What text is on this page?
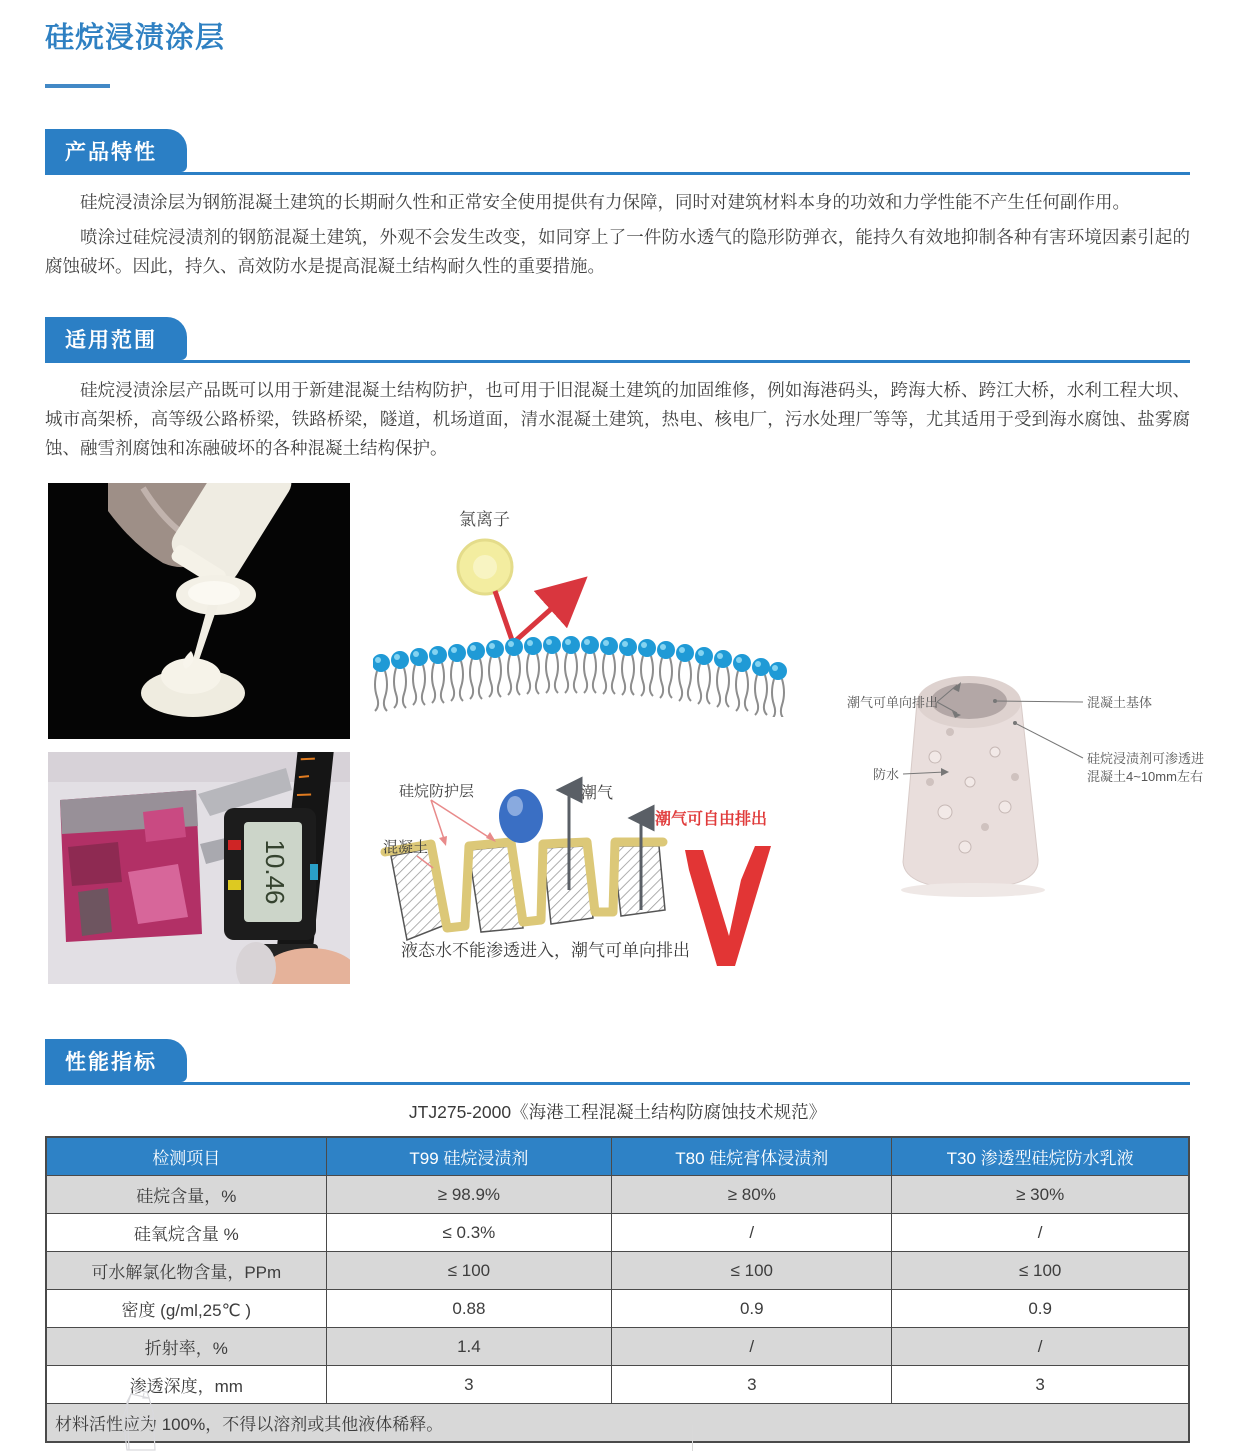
硅烷浸渍涂层
产品特性

硅烷浸渍涂层为钢筋混凝土建筑的长期耐久性和正常安全使用提供有力保障，同时对建筑材料本身的功效和力学性能不产生任何副作用。

喷涂过硅烷浸渍剂的钢筋混凝土建筑，外观不会发生改变，如同穿上了一件防水透气的隐形防弹衣，能持久有效地抑制各种有害环境因素引起的腐蚀破坏。因此，持久、高效防水是提高混凝土结构耐久性的重要措施。

适用范围

硅烷浸渍涂层产品既可以用于新建混凝土结构防护，也可用于旧混凝土建筑的加固维修，例如海港码头，跨海大桥、跨江大桥，水利工程大坝、城市高架桥，高等级公路桥梁，铁路桥梁，隧道，机场道面，清水混凝土建筑，热电、核电厂，污水处理厂等等，尤其适用于受到海水腐蚀、盐雾腐蚀、融雪剂腐蚀和冻融破坏的各种混凝土结构保护。

氯离子
潮气可单向排出	混凝土基体
硅烷浸渍剂可渗透进
混凝土4~10mm左右
防水
10.46
潮气
潮气可自由排出
硅烷防护层
混凝土
液态水不能渗透进入，潮气可单向排出
性能指标

JTJ275-2000《海港工程混凝土结构防腐蚀技术规范》

检测项目	T99 硅烷浸渍剂	T80 硅烷膏体浸渍剂	T30 渗透型硅烷防水乳液
硅烷含量，%	≥ 98.9%	≥ 80%	≥ 30%
硅氧烷含量 %	≤ 0.3%	/	/
可水解氯化物含量，PPm	≤ 100	≤ 100	≤ 100
密度 (g/ml,25℃ )	0.88	0.9	0.9
折射率，%	1.4	/	/
渗透深度，mm	3	3	3
材料活性应为 100%，不得以溶剂或其他液体稀释。			
